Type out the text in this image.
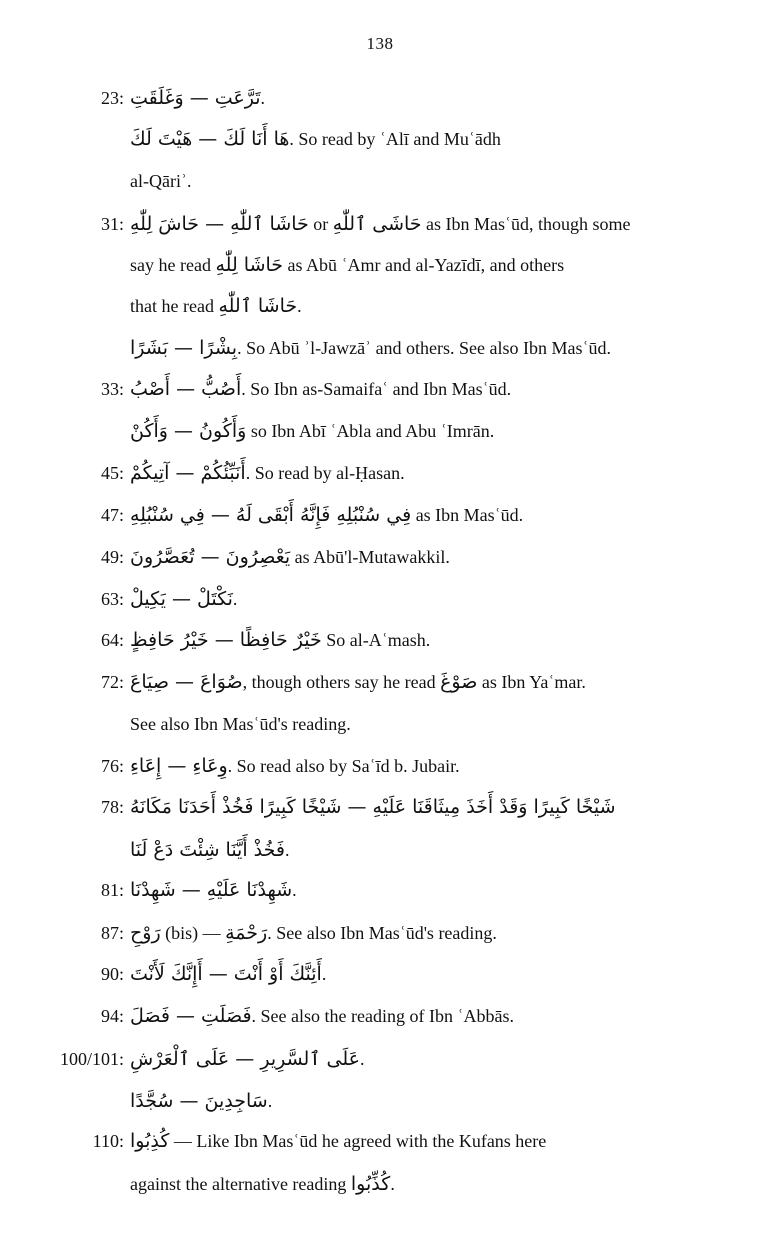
138
23: تَرَّعَتِ — وَغَلَقَتِ.
هَا أَنَا لَكَ — هَيْتَ لَكَ. So read by ʿAlī and Muʿādh
al-Qāriʾ.
31: حَاشَا ٱللّٰهِ — حَاشَ لِلّٰهِ or حَاشَى ٱللّٰهِ as Ibn Masʿūd, though some
say he read حَاشَا لِلّٰهِ as Abū ʿAmr and al-Yazīdī, and others
that he read حَاشَا ٱللّٰهِ.
بِشْرًا — بَشَرًا. So Abū ʾl-Jawzāʾ and others. See also Ibn Masʿūd.
33: أَصُبُّ — أَصْبُ. So Ibn as-Samaifaʿ and Ibn Masʿūd.
وَأَكُونُ — وَأَكُنْ so Ibn Abī ʿAbla and Abu ʿImrān.
45: أَنَبِّئُكُمْ — آتِيكُمْ. So read by al-Ḥasan.
47: فِي سُنْبُلِهِ فَإِنَّهُ أَبْقَى لَهُ — فِي سُنْبُلِهِ as Ibn Masʿūd.
49: يَعْصِرُونَ — تُعَصَّرُونَ as Abū'l-Mutawakkil.
63: نَكْتَلْ — يَكِيلْ.
64: خَيْرٌ حَافِظًا — خَيْرُ حَافِظٍ So al-Aʿmash.
72: صُوَاعَ — صِيَاعَ, though others say he read صَوْغَ as Ibn Yaʿmar.
See also Ibn Masʿūd's reading.
76: وِعَاءِ — إِعَاءِ. So read also by Saʿīd b. Jubair.
78: شَيْخًا كَبِيرًا وَقَدْ أَخَذَ مِيثَاقَنَا عَلَيْهِ — شَيْخًا كَبِيرًا فَخُذْ أَحَدَنَا مَكَانَهُ
فَخُذْ أَيَّنَا شِئْتَ دَعْ لَنَا.
81: شَهِدْنَا عَلَيْهِ — شَهِدْنَا.
87: رَوْحِ (bis) — رَحْمَةِ. See also Ibn Masʿūd's reading.
90: أَئِنَّكَ أَوْ أَنْتَ — أَإِنَّكَ لَأَنْتَ.
94: فَصَلَتِ — فَصَلَ. See also the reading of Ibn ʿAbbās.
100/101: عَلَى ٱلسَّرِيرِ — عَلَى ٱلْعَرْشِ.
سَاجِدِينَ — سُجَّدًا.
110: كُذِبُوا — Like Ibn Masʿūd he agreed with the Kufans here
against the alternative reading كُذِّبُوا.
